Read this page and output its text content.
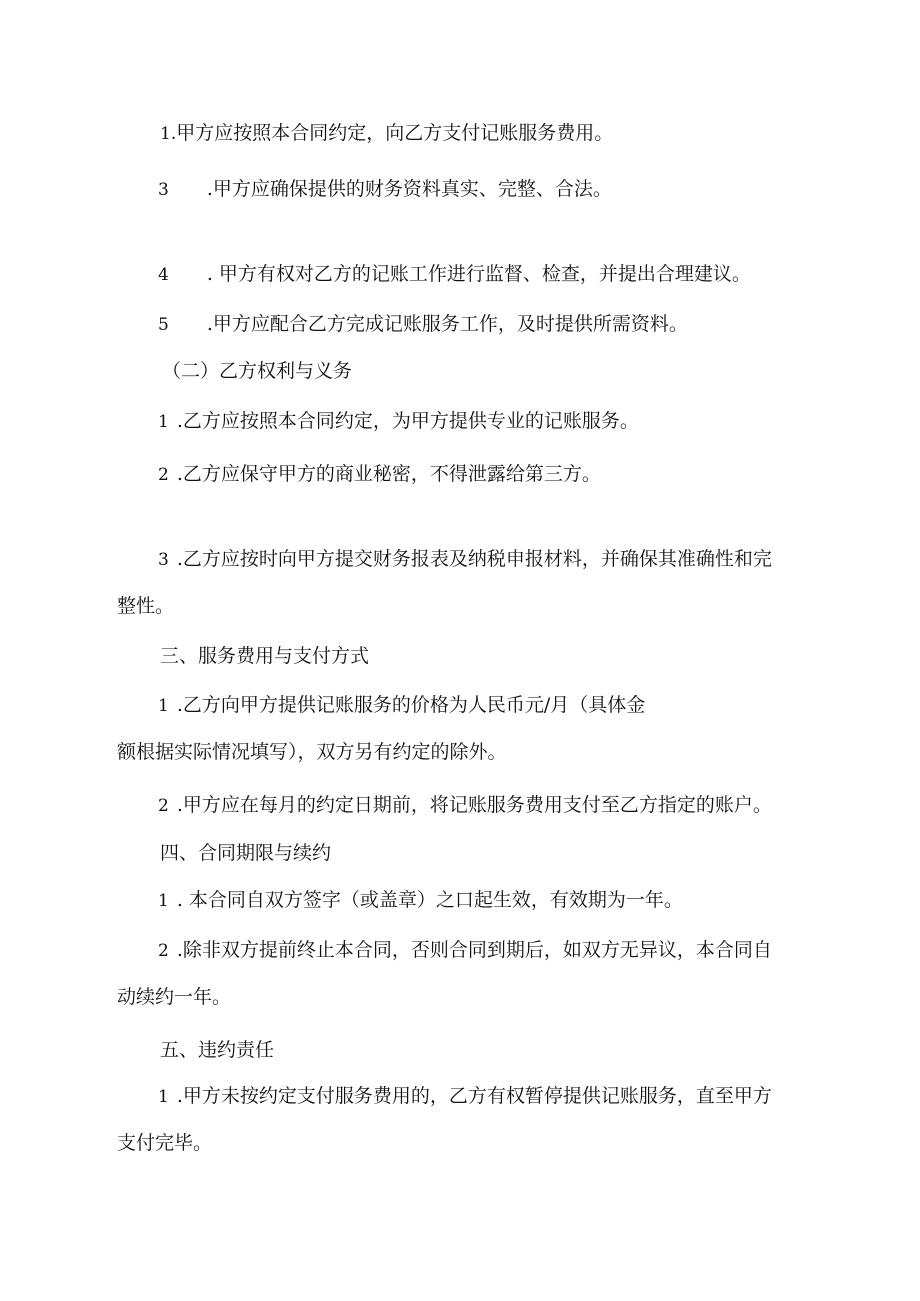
1.甲方应按照本合同约定，向乙方支付记账服务费用。
3 .甲方应确保提供的财务资料真实、完整、合法。
4 . 甲方有权对乙方的记账工作进行监督、检查，并提出合理建议。
5 .甲方应配合乙方完成记账服务工作，及时提供所需资料。
（二）乙方权利与义务
1 .乙方应按照本合同约定，为甲方提供专业的记账服务。
2 .乙方应保守甲方的商业秘密，不得泄露给第三方。
3 .乙方应按时向甲方提交财务报表及纳税申报材料，并确保其准确性和完
整性。
三、服务费用与支付方式
1 .乙方向甲方提供记账服务的价格为人民币元/月（具体金
额根据实际情况填写），双方另有约定的除外。
2 .甲方应在每月的约定日期前，将记账服务费用支付至乙方指定的账户。
四、合同期限与续约
1 . 本合同自双方签字（或盖章）之口起生效，有效期为一年。
2 .除非双方提前终止本合同，否则合同到期后，如双方无异议，本合同自
动续约一年。
五、违约责任
1 .甲方未按约定支付服务费用的，乙方有权暂停提供记账服务，直至甲方
支付完毕。
